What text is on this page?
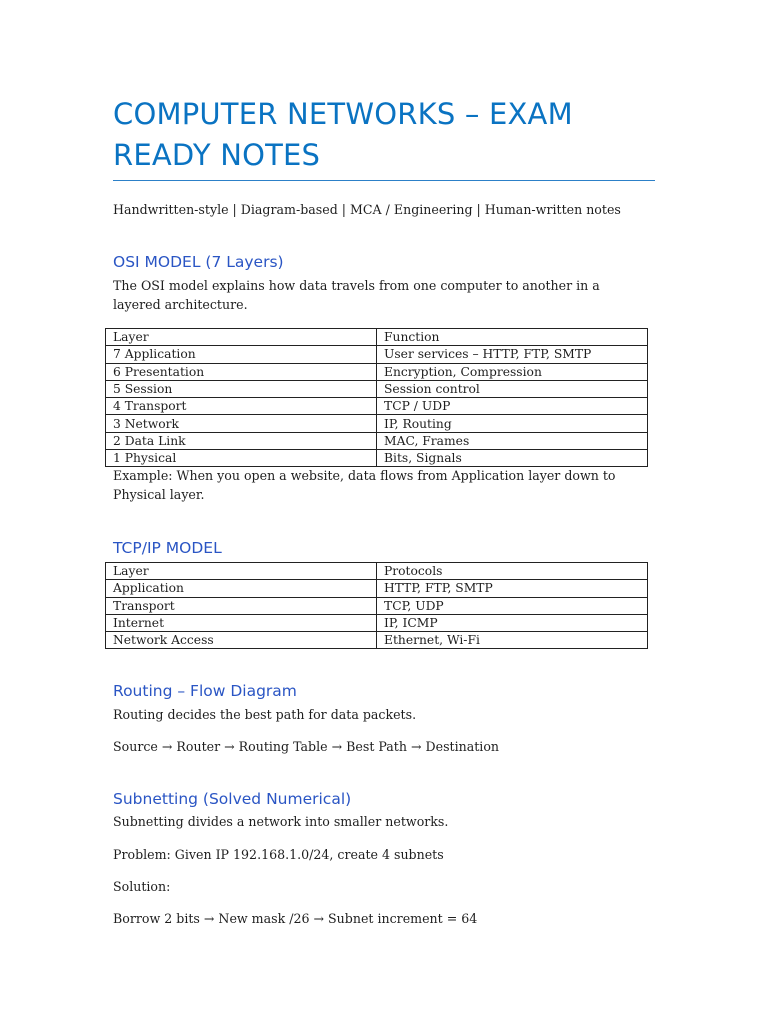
COMPUTER NETWORKS – EXAM READY NOTES

Handwritten-style | Diagram-based | MCA / Engineering | Human-written notes

OSI MODEL (7 Layers)

The OSI model explains how data travels from one computer to another in a layered architecture.

Layer	Function
7 Application	User services – HTTP, FTP, SMTP
6 Presentation	Encryption, Compression
5 Session	Session control
4 Transport	TCP / UDP
3 Network	IP, Routing
2 Data Link	MAC, Frames
1 Physical	Bits, Signals

Example: When you open a website, data flows from Application layer down to Physical layer.

TCP/IP MODEL
Layer	Protocols
Application	HTTP, FTP, SMTP
Transport	TCP, UDP
Internet	IP, ICMP
Network Access	Ethernet, Wi-Fi
Routing – Flow Diagram

Routing decides the best path for data packets.

Source → Router → Routing Table → Best Path → Destination

Subnetting (Solved Numerical)

Subnetting divides a network into smaller networks.

Problem: Given IP 192.168.1.0/24, create 4 subnets

Solution:

Borrow 2 bits → New mask /26 → Subnet increment = 64
